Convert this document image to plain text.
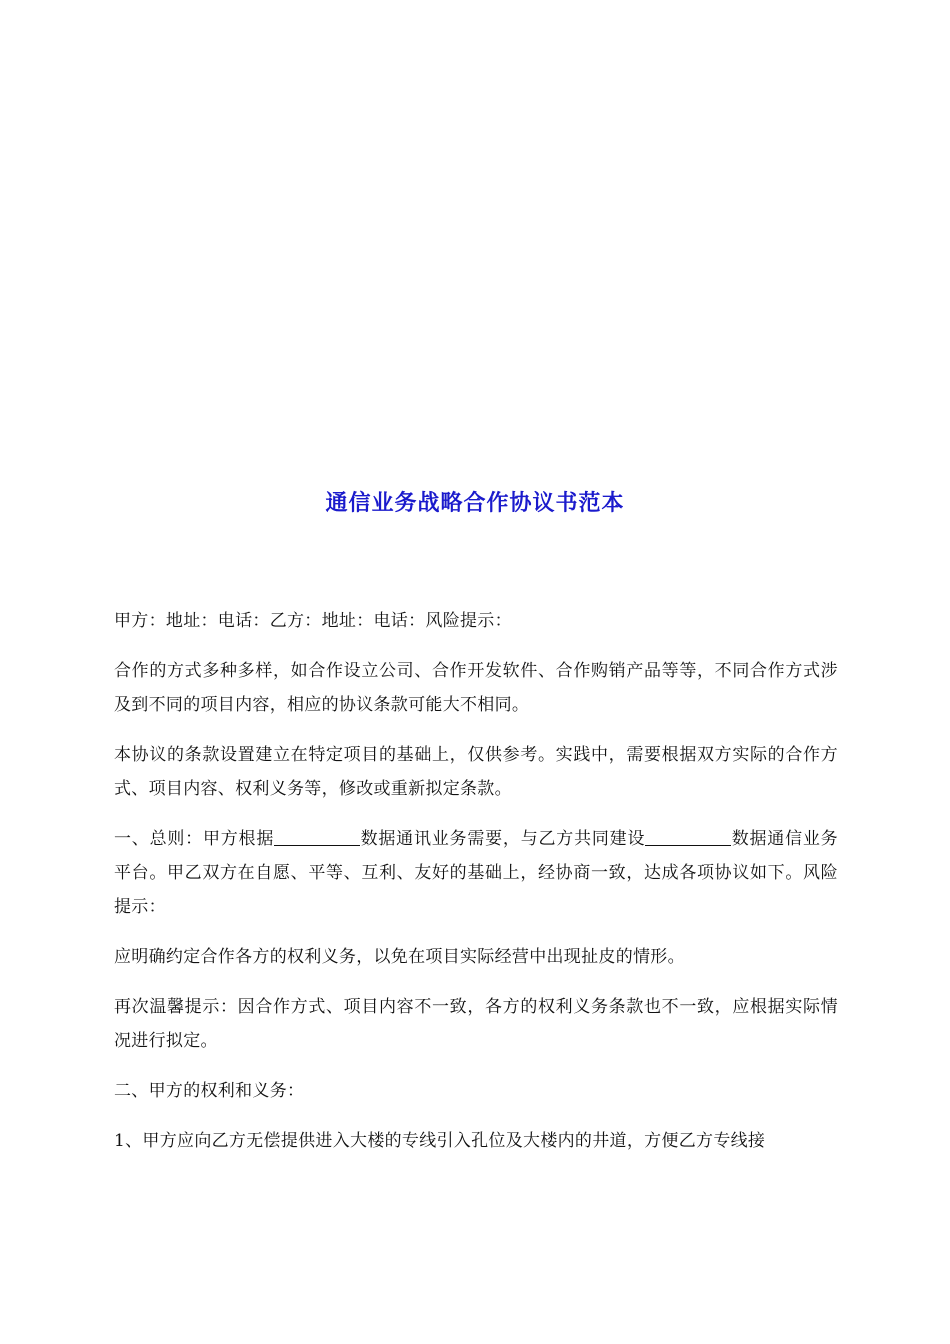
通信业务战略合作协议书范本

甲方：地址：电话：乙方：地址：电话：风险提示：

合作的方式多种多样，如合作设立公司、合作开发软件、合作购销产品等等，不同合作方式涉及到不同的项目内容，相应的协议条款可能大不相同。

本协议的条款设置建立在特定项目的基础上，仅供参考。实践中，需要根据双方实际的合作方式、项目内容、权利义务等，修改或重新拟定条款。

一、总则：甲方根据	数据通讯业务需要，与乙方共同建设	数据通信业务平台。甲乙双方在自愿、平等、互利、友好的基础上，经协商一致，达成各项协议如下。风险提示：

应明确约定合作各方的权利义务，以免在项目实际经营中出现扯皮的情形。

再次温馨提示：因合作方式、项目内容不一致，各方的权利义务条款也不一致，应根据实际情况进行拟定。

二、甲方的权利和义务：

1、甲方应向乙方无偿提供进入大楼的专线引入孔位及大楼内的井道，方便乙方专线接
